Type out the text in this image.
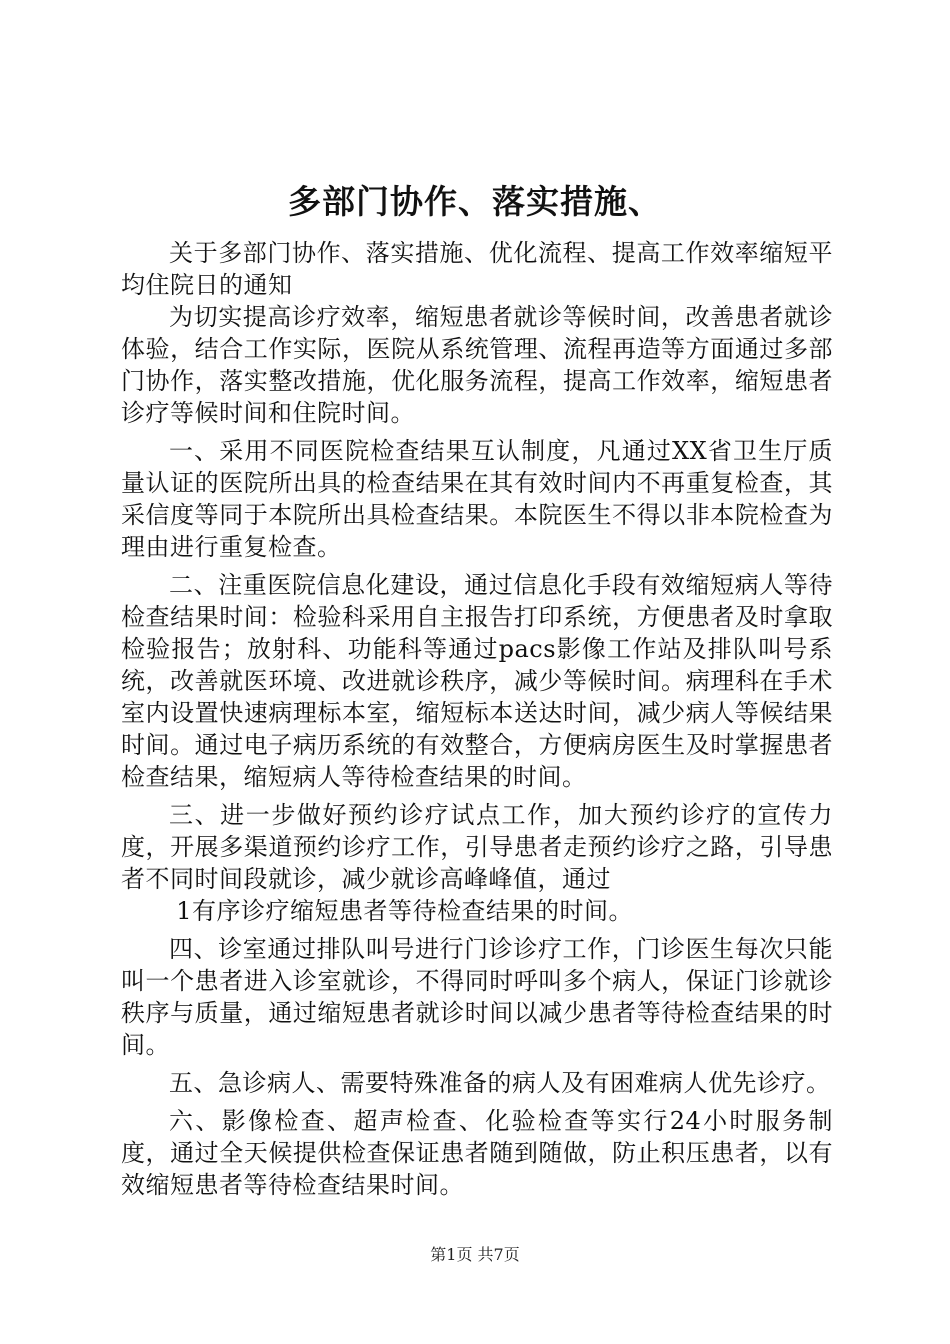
多部门协作、落实措施、

关于多部门协作、落实措施、优化流程、提高工作效率缩短平均住院日的通知

为切实提高诊疗效率，缩短患者就诊等候时间，改善患者就诊体验，结合工作实际，医院从系统管理、流程再造等方面通过多部门协作，落实整改措施，优化服务流程，提高工作效率，缩短患者诊疗等候时间和住院时间。

一、采用不同医院检查结果互认制度，凡通过XX省卫生厅质量认证的医院所出具的检查结果在其有效时间内不再重复检查，其采信度等同于本院所出具检查结果。本院医生不得以非本院检查为理由进行重复检查。

二、注重医院信息化建设，通过信息化手段有效缩短病人等待检查结果时间：检验科采用自主报告打印系统，方便患者及时拿取检验报告；放射科、功能科等通过pacs影像工作站及排队叫号系统，改善就医环境、改进就诊秩序，减少等候时间。病理科在手术室内设置快速病理标本室，缩短标本送达时间，减少病人等候结果时间。通过电子病历系统的有效整合，方便病房医生及时掌握患者检查结果，缩短病人等待检查结果的时间。

三、进一步做好预约诊疗试点工作，加大预约诊疗的宣传力度，开展多渠道预约诊疗工作，引导患者走预约诊疗之路，引导患者不同时间段就诊，减少就诊高峰峰值，通过

1有序诊疗缩短患者等待检查结果的时间。

四、诊室通过排队叫号进行门诊诊疗工作，门诊医生每次只能叫一个患者进入诊室就诊，不得同时呼叫多个病人，保证门诊就诊秩序与质量，通过缩短患者就诊时间以减少患者等待检查结果的时间。

五、急诊病人、需要特殊准备的病人及有困难病人优先诊疗。

六、影像检查、超声检查、化验检查等实行24小时服务制度，通过全天候提供检查保证患者随到随做，防止积压患者，以有效缩短患者等待检查结果时间。

第1页 共7页
